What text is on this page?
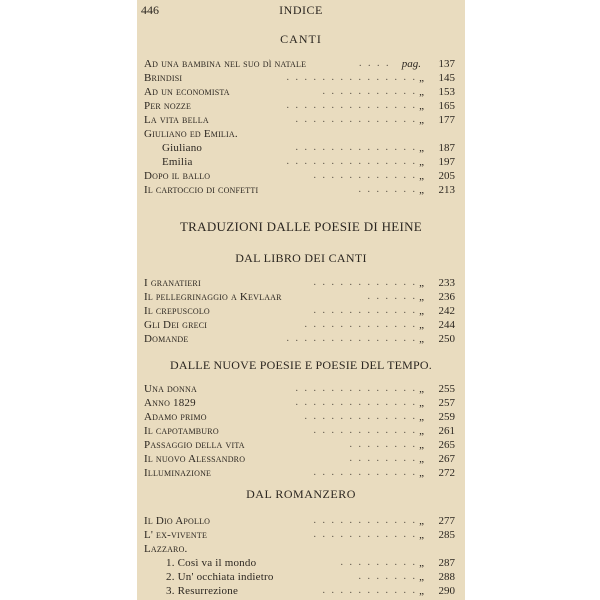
446	INDICE
CANTI
Ad una bambina nel suo dì natale	. . . . pag.	137
Brindisi	. . . . . . . . . . . . . . . „	145
Ad un economista	. . . . . . . . . . . „	153
Per nozze	. . . . . . . . . . . . . . . „	165
La vita bella	. . . . . . . . . . . . . . „	177
Giuliano ed Emilia.
Giuliano	. . . . . . . . . . . . . . „	187
Emilia	. . . . . . . . . . . . . . . „	197
Dopo il ballo	. . . . . . . . . . . . „	205
Il cartoccio di confetti	. . . . . . . „	213
TRADUZIONI DALLE POESIE DI HEINE
DAL LIBRO DEI CANTI
I granatieri	. . . . . . . . . . . . „	233
Il pellegrinaggio a Kevlaar	. . . . . . „	236
Il crepuscolo	. . . . . . . . . . . . „	242
Gli Dei greci	. . . . . . . . . . . . . „	244
Domande	. . . . . . . . . . . . . . . „	250
DALLE NUOVE POESIE E POESIE DEL TEMPO.
Una donna	. . . . . . . . . . . . . . „	255
Anno 1829	. . . . . . . . . . . . . . „	257
Adamo primo	. . . . . . . . . . . . . „	259
Il capotamburo	. . . . . . . . . . . . „	261
Passaggio della vita	. . . . . . . . „	265
Il nuovo Alessandro	. . . . . . . . „	267
Illuminazione	. . . . . . . . . . . . „	272
DAL ROMANZERO
Il Dio Apollo	. . . . . . . . . . . . „	277
L' ex-vivente	. . . . . . . . . . . . „	285
Lazzaro.
1. Così va il mondo	. . . . . . . . . „	287
2. Un' occhiata indietro	. . . . . . . „	288
3. Resurrezione	. . . . . . . . . . . „	290
